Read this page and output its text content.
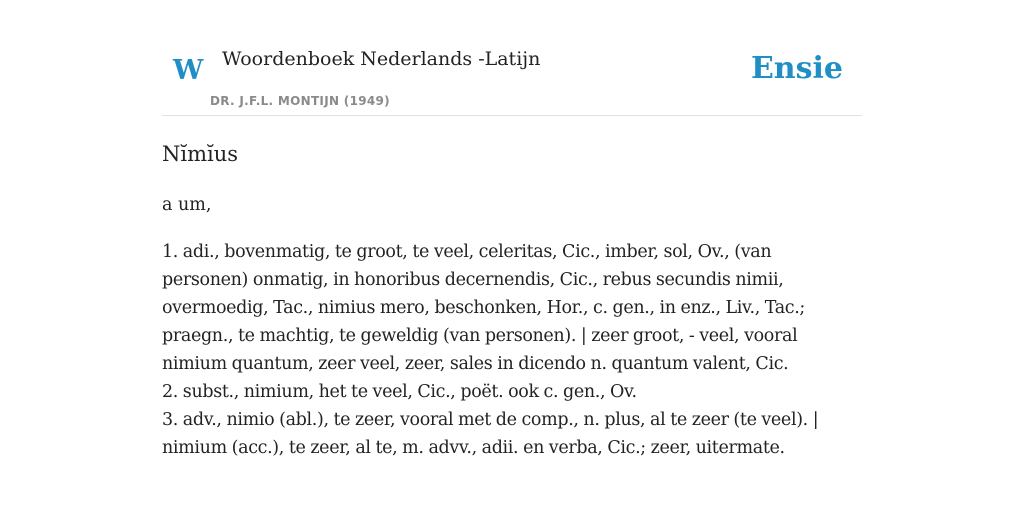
W Woordenboek Nederlands -Latijn
DR. J.F.L. MONTIJN (1949)
Ensie
Nĭmĭus
a um,
1. adi., bovenmatig, te groot, te veel, celeritas, Cic., imber, sol, Ov., (van personen) onmatig, in honoribus decernendis, Cic., rebus secundis nimii, overmoedig, Tac., nimius mero, beschonken, Hor., c. gen., in enz., Liv., Tac.; praegn., te machtig, te geweldig (van personen). | zeer groot, - veel, vooral nimium quantum, zeer veel, zeer, sales in dicendo n. quantum valent, Cic.
2. subst., nimium, het te veel, Cic., poët. ook c. gen., Ov.
3. adv., nimio (abl.), te zeer, vooral met de comp., n. plus, al te zeer (te veel). | nimium (acc.), te zeer, al te, m. advv., adii. en verba, Cic.; zeer, uitermate.
